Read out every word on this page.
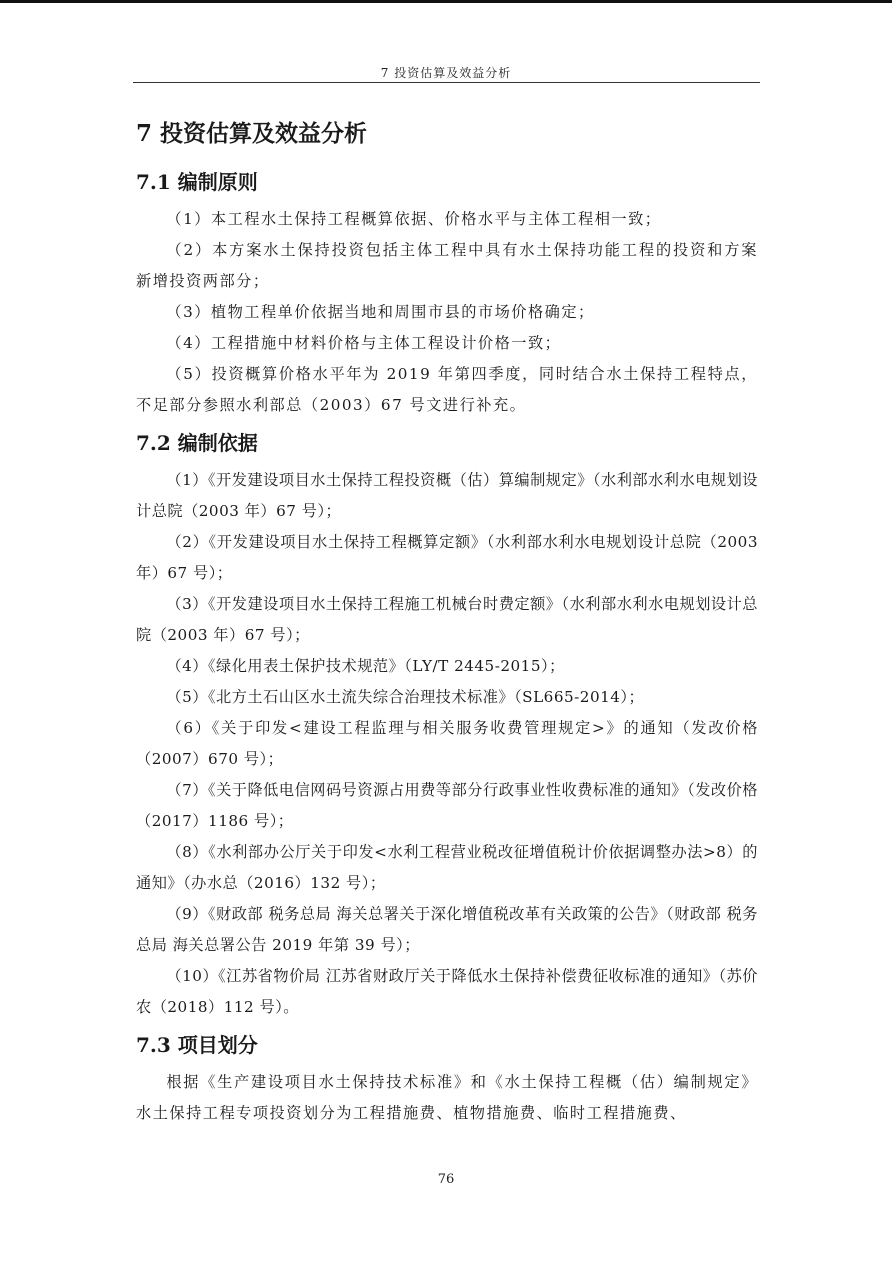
7 投资估算及效益分析
7 投资估算及效益分析
7.1 编制原则

（1）本工程水土保持工程概算依据、价格水平与主体工程相一致；

（2）本方案水土保持投资包括主体工程中具有水土保持功能工程的投资和方案新增投资两部分；

（3）植物工程单价依据当地和周围市县的市场价格确定；

（4）工程措施中材料价格与主体工程设计价格一致；

（5）投资概算价格水平年为 2019 年第四季度，同时结合水土保持工程特点，不足部分参照水利部总（2003）67 号文进行补充。

7.2 编制依据

（1）《开发建设项目水土保持工程投资概（估）算编制规定》（水利部水利水电规划设计总院（2003 年）67 号）；

（2）《开发建设项目水土保持工程概算定额》（水利部水利水电规划设计总院（2003 年）67 号）；

（3）《开发建设项目水土保持工程施工机械台时费定额》（水利部水利水电规划设计总院（2003 年）67 号）；

（4）《绿化用表土保护技术规范》（LY/T 2445-2015）；

（5）《北方土石山区水土流失综合治理技术标准》（SL665-2014）；

（6）《关于印发<建设工程监理与相关服务收费管理规定>》的通知（发改价格（2007）670 号）；

（7）《关于降低电信网码号资源占用费等部分行政事业性收费标准的通知》（发改价格（2017）1186 号）；

（8）《水利部办公厅关于印发<水利工程营业税改征增值税计价依据调整办法>8）的通知》（办水总（2016）132 号）；

（9）《财政部 税务总局 海关总署关于深化增值税改革有关政策的公告》（财政部 税务总局 海关总署公告 2019 年第 39 号）；

（10）《江苏省物价局 江苏省财政厅关于降低水土保持补偿费征收标准的通知》（苏价农（2018）112 号）。

7.3 项目划分

根据《生产建设项目水土保持技术标准》和《水土保持工程概（估）编制规定》水土保持工程专项投资划分为工程措施费、植物措施费、临时工程措施费、

76
